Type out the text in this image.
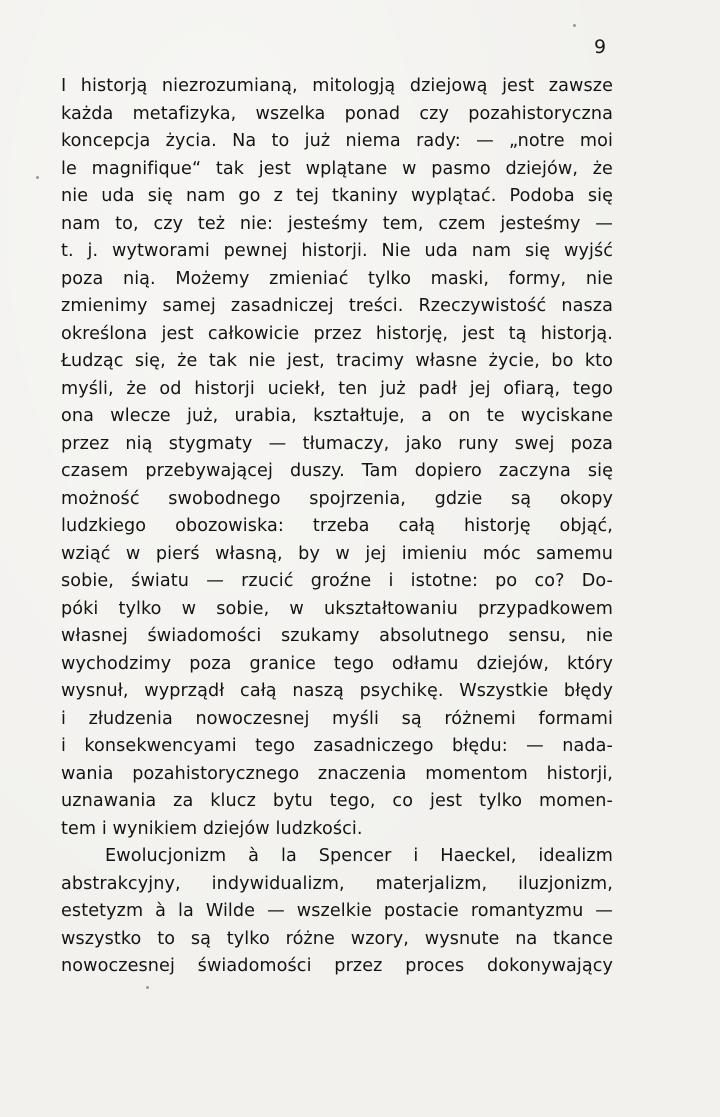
9
I historją niezrozumianą, mitologją dziejową jest zawsze
każda metafizyka, wszelka ponad czy pozahistoryczna
koncepcja życia. Na to już niema rady: — „notre moi
le magnifique“ tak jest wplątane w pasmo dziejów, że
nie uda się nam go z tej tkaniny wyplątać. Podoba się
nam to, czy też nie: jesteśmy tem, czem jesteśmy —
t. j. wytworami pewnej historji. Nie uda nam się wyjść
poza nią. Możemy zmieniać tylko maski, formy, nie
zmienimy samej zasadniczej treści. Rzeczywistość nasza
określona jest całkowicie przez historję, jest tą historją.
Łudząc się, że tak nie jest, tracimy własne życie, bo kto
myśli, że od historji uciekł, ten już padł jej ofiarą, tego
ona wlecze już, urabia, kształtuje, a on te wyciskane
przez nią stygmaty — tłumaczy, jako runy swej poza
czasem przebywającej duszy. Tam dopiero zaczyna się
możność swobodnego spojrzenia, gdzie są okopy
ludzkiego obozowiska: trzeba całą historję objąć,
wziąć w pierś własną, by w jej imieniu móc samemu
sobie, światu — rzucić groźne i istotne: po co? Do-
póki tylko w sobie, w ukształtowaniu przypadkowem
własnej świadomości szukamy absolutnego sensu, nie
wychodzimy poza granice tego odłamu dziejów, który
wysnuł, wyprządł całą naszą psychikę. Wszystkie błędy
i złudzenia nowoczesnej myśli są różnemi formami
i konsekwencyami tego zasadniczego błędu: — nada-
wania pozahistorycznego znaczenia momentom historji,
uznawania za klucz bytu tego, co jest tylko momen-
tem i wynikiem dziejów ludzkości.
Ewolucjonizm à la Spencer i Haeckel, idealizm
abstrakcyjny, indywidualizm, materjalizm, iluzjonizm,
estetyzm à la Wilde — wszelkie postacie romantyzmu —
wszystko to są tylko różne wzory, wysnute na tkance
nowoczesnej świadomości przez proces dokonywający
